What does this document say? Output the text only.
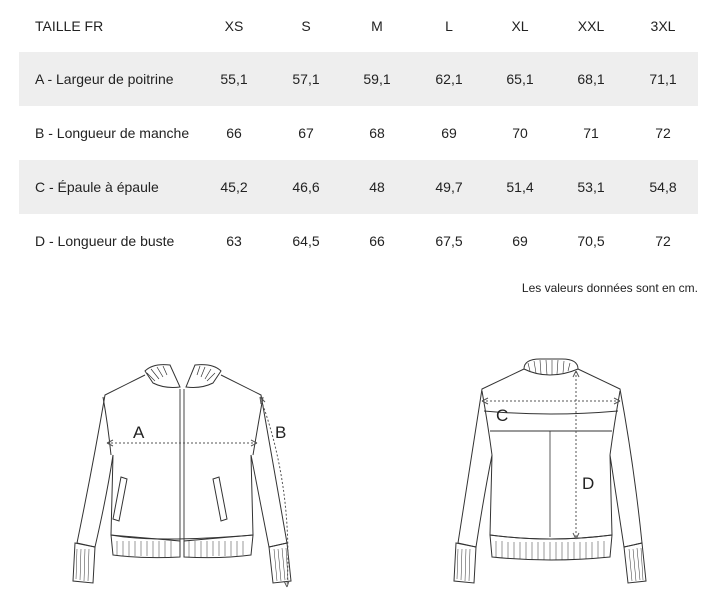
TAILLE FR	XS	S	M	L	XL	XXL	3XL
A - Largeur de poitrine	55,1	57,1	59,1	62,1	65,1	68,1	71,1
B - Longueur de manche	66	67	68	69	70	71	72
C - Épaule à épaule	45,2	46,6	48	49,7	51,4	53,1	54,8
D - Longueur de buste	63	64,5	66	67,5	69	70,5	72
Les valeurs données sont en cm.
A	B
C
D
